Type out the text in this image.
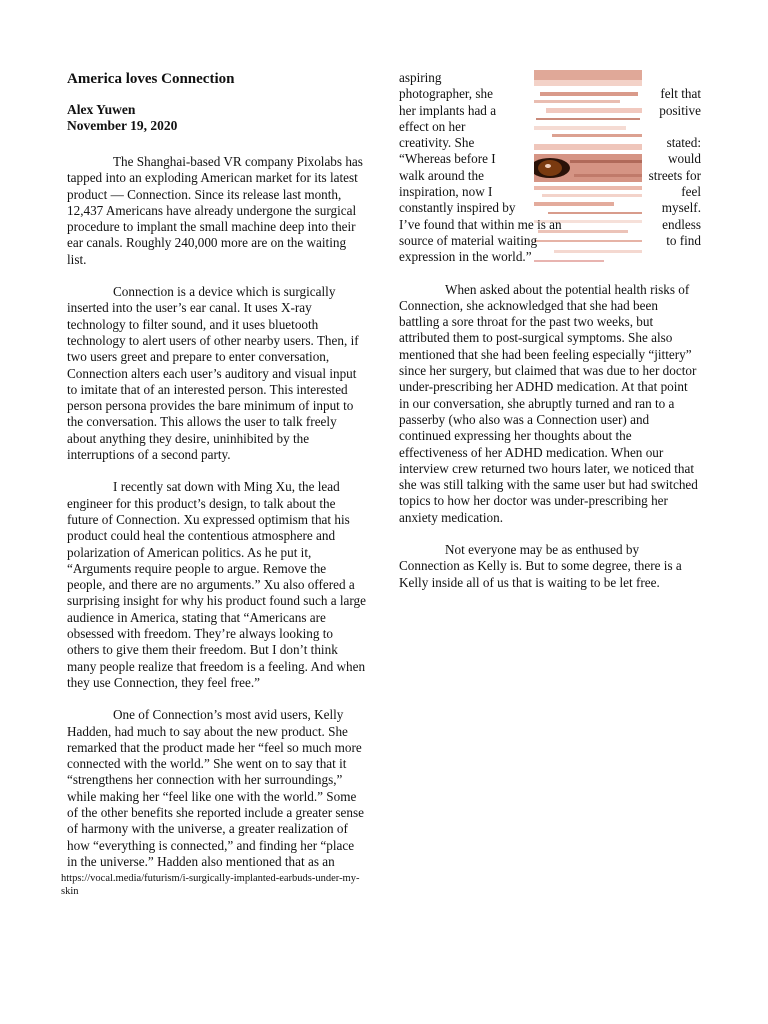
America loves Connection

Alex Yuwen

November 19, 2020

The Shanghai-based VR company Pixolabs has tapped into an exploding American market for its latest product — Connection. Since its release last month, 12,437 Americans have already undergone the surgical procedure to implant the small machine deep into their ear canals. Roughly 240,000 more are on the waiting list.

Connection is a device which is surgically inserted into the user’s ear canal. It uses X-ray technology to filter sound, and it uses bluetooth technology to alert users of other nearby users. Then, if two users greet and prepare to enter conversation, Connection alters each user’s auditory and visual input to imitate that of an interested person. This interested person persona provides the bare minimum of input to the conversation. This allows the user to talk freely about anything they desire, uninhibited by the interruptions of a second party.

I recently sat down with Ming Xu, the lead engineer for this product’s design, to talk about the future of Connection. Xu expressed optimism that his product could heal the contentious atmosphere and polarization of American politics. As he put it, “Arguments require people to argue. Remove the people, and there are no arguments.” Xu also offered a surprising insight for why his product found such a large audience in America, stating that “Americans are obsessed with freedom. They’re always looking to others to give them their freedom. But I don’t think many people realize that freedom is a feeling. And when they use Connection, they feel free.”

One of Connection’s most avid users, Kelly Hadden, had much to say about the new product. She remarked that the product made her “feel so much more connected with the world.” She went on to say that it “strengthens her connection with her surroundings,” while making her “feel like one with the world.” Some of the other benefits she reported include a greater sense of harmony with the universe, a greater realization of how “everything is connected,” and finding her “place in the universe.” Hadden also mentioned that as an

https://vocal.media/futurism/i-surgically-implanted-earbuds-under-my-skin

aspiring
photographer, she	felt that
her implants had a	positive
effect on her
creativity. She	stated:
“Whereas before I	would
walk around the	streets for
inspiration, now I	feel
constantly inspired by	myself.
I’ve found that within me is an	endless
source of material waiting	to find
expression in the world.”

When asked about the potential health risks of Connection, she acknowledged that she had been battling a sore throat for the past two weeks, but attributed them to post-surgical symptoms. She also mentioned that she had been feeling especially “jittery” since her surgery, but claimed that was due to her doctor under-prescribing her ADHD medication. At that point in our conversation, she abruptly turned and ran to a passerby (who also was a Connection user) and continued expressing her thoughts about the effectiveness of her ADHD medication. When our interview crew returned two hours later, we noticed that she was still talking with the same user but had switched topics to how her doctor was under-prescribing her anxiety medication.

Not everyone may be as enthused by Connection as Kelly is. But to some degree, there is a Kelly inside all of us that is waiting to be let free.
